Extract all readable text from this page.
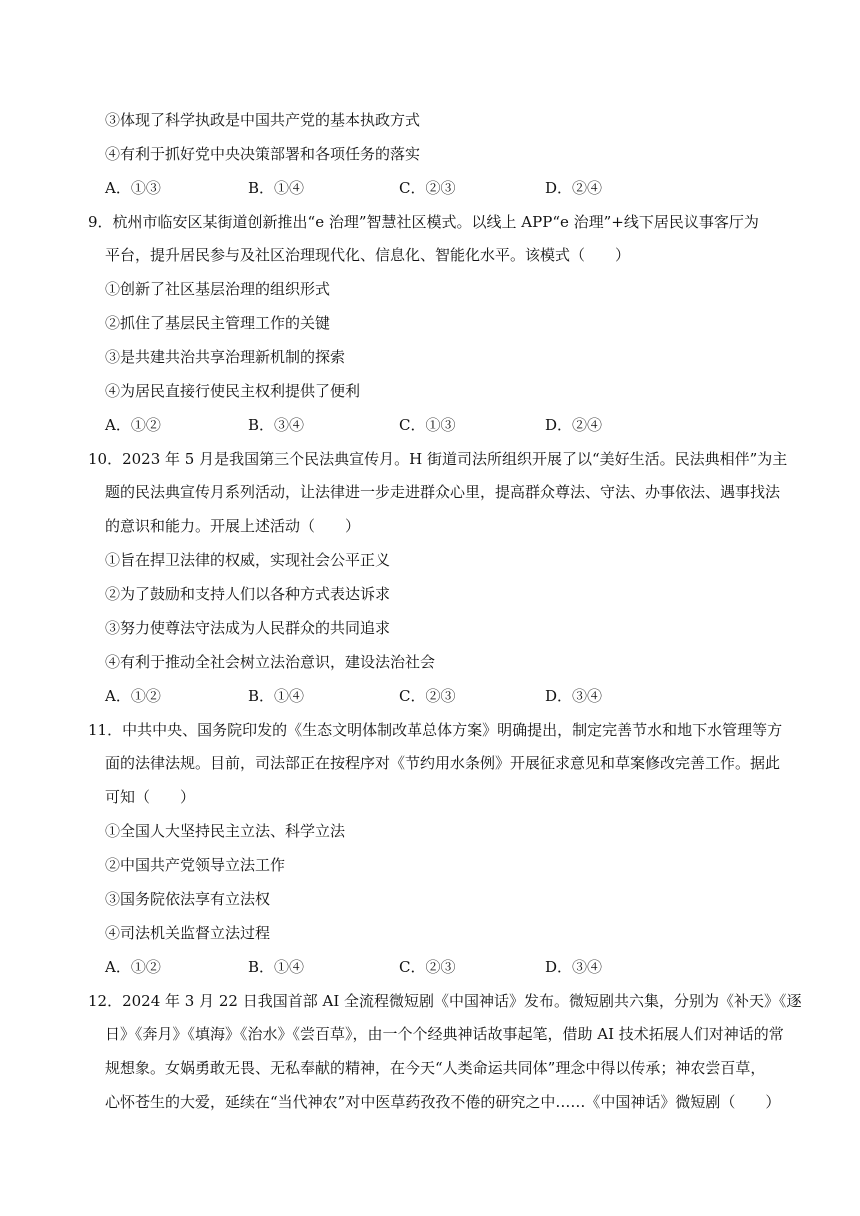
③体现了科学执政是中国共产党的基本执政方式
④有利于抓好党中央决策部署和各项任务的落实
A．①③	B．①④	C．②③	D．②④
9．杭州市临安区某街道创新推出“e 治理”智慧社区模式。以线上 APP“e 治理”+线下居民议事客厅为
平台，提升居民参与及社区治理现代化、信息化、智能化水平。该模式（　　）
①创新了社区基层治理的组织形式
②抓住了基层民主管理工作的关键
③是共建共治共享治理新机制的探索
④为居民直接行使民主权利提供了便利
A．①②	B．③④	C．①③	D．②④
10．2023 年 5 月是我国第三个民法典宣传月。H 街道司法所组织开展了以“美好生活。民法典相伴”为主
题的民法典宣传月系列活动，让法律进一步走进群众心里，提高群众尊法、守法、办事依法、遇事找法
的意识和能力。开展上述活动（　　）
①旨在捍卫法律的权威，实现社会公平正义
②为了鼓励和支持人们以各种方式表达诉求
③努力使尊法守法成为人民群众的共同追求
④有利于推动全社会树立法治意识，建设法治社会
A．①②	B．①④	C．②③	D．③④
11．中共中央、国务院印发的《生态文明体制改革总体方案》明确提出，制定完善节水和地下水管理等方
面的法律法规。目前，司法部正在按程序对《节约用水条例》开展征求意见和草案修改完善工作。据此
可知（　　）
①全国人大坚持民主立法、科学立法
②中国共产党领导立法工作
③国务院依法享有立法权
④司法机关监督立法过程
A．①②	B．①④	C．②③	D．③④
12．2024 年 3 月 22 日我国首部 AI 全流程微短剧《中国神话》发布。微短剧共六集，分别为《补天》《逐
日》《奔月》《填海》《治水》《尝百草》，由一个个经典神话故事起笔，借助 AI 技术拓展人们对神话的常
规想象。女娲勇敢无畏、无私奉献的精神，在今天“人类命运共同体”理念中得以传承；神农尝百草，
心怀苍生的大爱，延续在“当代神农”对中医草药孜孜不倦的研究之中……《中国神话》微短剧（　　）
